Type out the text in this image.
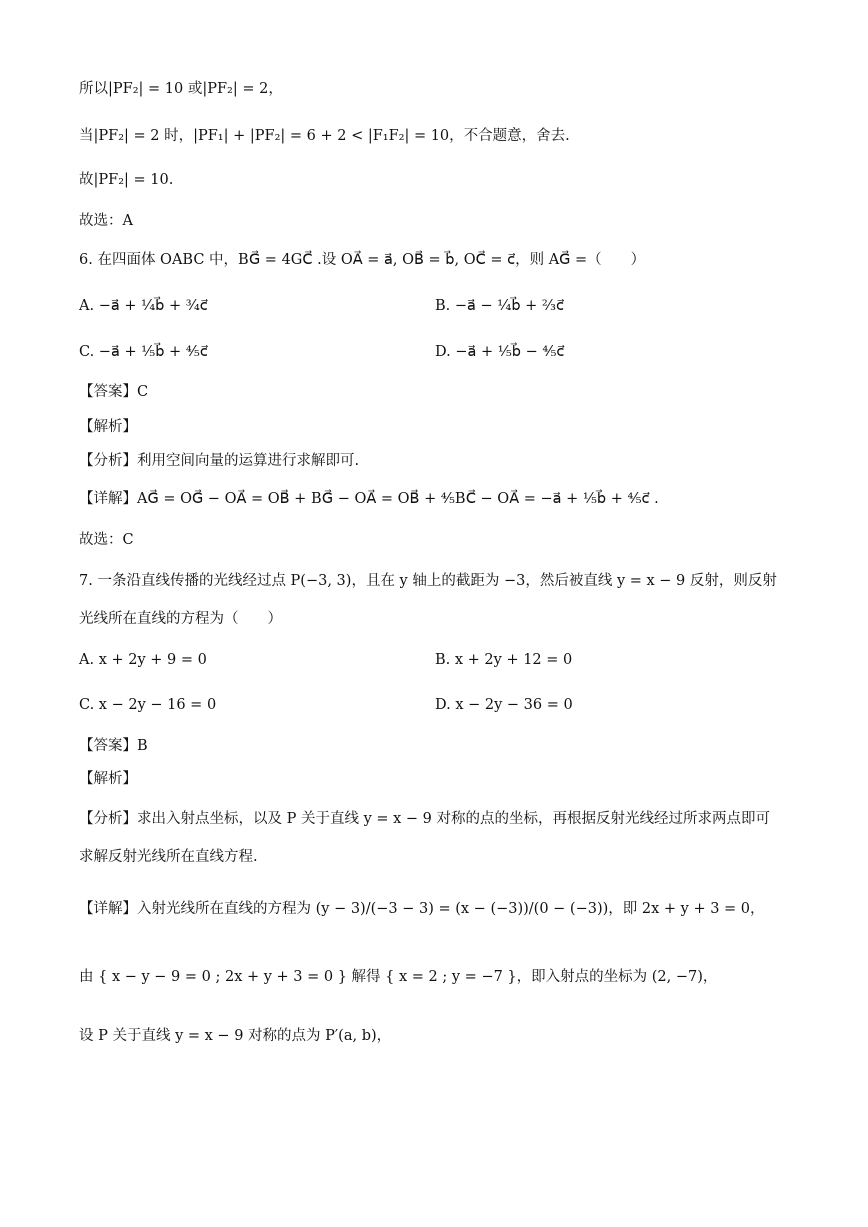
所以|PF₂| = 10 或|PF₂| = 2，
当|PF₂| = 2 时，|PF₁| + |PF₂| = 6 + 2 < |F₁F₂| = 10，不合题意，舍去.
故|PF₂| = 10.
故选：A
6. 在四面体 OABC 中，BG⃗ = 4GC⃗ .设 OA⃗ = a⃗, OB⃗ = b⃗, OC⃗ = c⃗，则 AG⃗ =（　　）
A. −a⃗ + ¹⁄₄b⃗ + ³⁄₄c⃗	B. −a⃗ − ¹⁄₄b⃗ + ²⁄₃c⃗
C. −a⃗ + ¹⁄₅b⃗ + ⁴⁄₅c⃗	D. −a⃗ + ¹⁄₅b⃗ − ⁴⁄₅c⃗
【答案】C
【解析】
【分析】利用空间向量的运算进行求解即可.
【详解】AG⃗ = OG⃗ − OA⃗ = OB⃗ + BG⃗ − OA⃗ = OB⃗ + ⁴⁄₅BC⃗ − OA⃗ = −a⃗ + ¹⁄₅b⃗ + ⁴⁄₅c⃗ .
故选：C
7. 一条沿直线传播的光线经过点 P(−3, 3)，且在 y 轴上的截距为 −3，然后被直线 y = x − 9 反射，则反射
光线所在直线的方程为（　　）
A. x + 2y + 9 = 0	B. x + 2y + 12 = 0
C. x − 2y − 16 = 0	D. x − 2y − 36 = 0
【答案】B
【解析】
【分析】求出入射点坐标，以及 P 关于直线 y = x − 9 对称的点的坐标，再根据反射光线经过所求两点即可
求解反射光线所在直线方程.
【详解】入射光线所在直线的方程为 (y − 3)/(−3 − 3) = (x − (−3))/(0 − (−3))，即 2x + y + 3 = 0，
由 { x − y − 9 = 0 ; 2x + y + 3 = 0 } 解得 { x = 2 ; y = −7 }，即入射点的坐标为 (2, −7)，
设 P 关于直线 y = x − 9 对称的点为 P′(a, b)，
